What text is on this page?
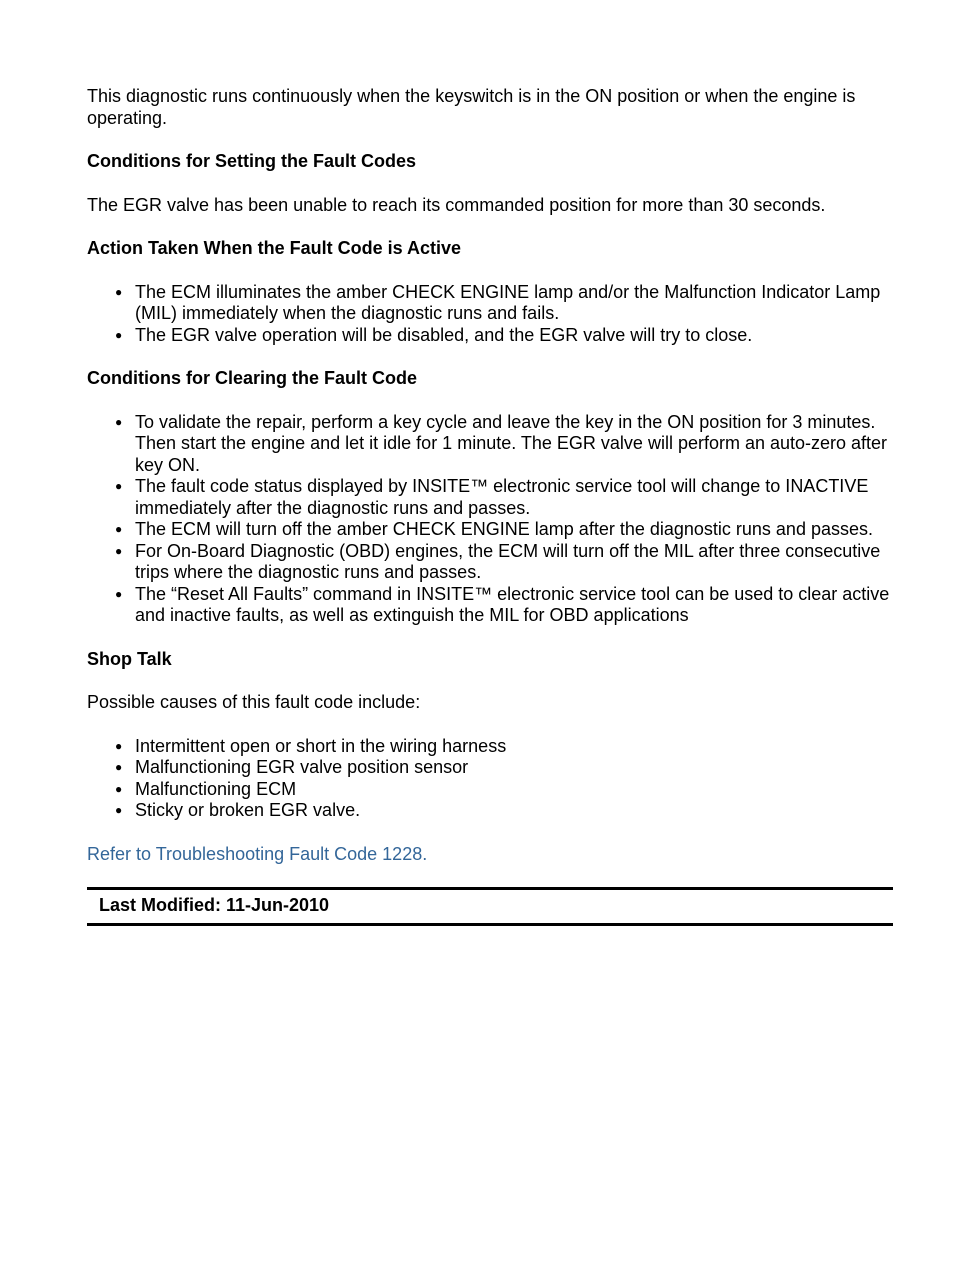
This diagnostic runs continuously when the keyswitch is in the ON position or when the engine is operating.

Conditions for Setting the Fault Codes

The EGR valve has been unable to reach its commanded position for more than 30 seconds.

Action Taken When the Fault Code is Active

● The ECM illuminates the amber CHECK ENGINE lamp and/or the Malfunction Indicator Lamp (MIL) immediately when the diagnostic runs and fails.
● The EGR valve operation will be disabled, and the EGR valve will try to close.

Conditions for Clearing the Fault Code

● To validate the repair, perform a key cycle and leave the key in the ON position for 3 minutes. Then start the engine and let it idle for 1 minute. The EGR valve will perform an auto-zero after key ON.
● The fault code status displayed by INSITE™ electronic service tool will change to INACTIVE immediately after the diagnostic runs and passes.
● The ECM will turn off the amber CHECK ENGINE lamp after the diagnostic runs and passes.
● For On-Board Diagnostic (OBD) engines, the ECM will turn off the MIL after three consecutive trips where the diagnostic runs and passes.
● The “Reset All Faults” command in INSITE™ electronic service tool can be used to clear active and inactive faults, as well as extinguish the MIL for OBD applications

Shop Talk

Possible causes of this fault code include:

● Intermittent open or short in the wiring harness
● Malfunctioning EGR valve position sensor
● Malfunctioning ECM
● Sticky or broken EGR valve.
Refer to Troubleshooting Fault Code 1228.
Last Modified: 11-Jun-2010
